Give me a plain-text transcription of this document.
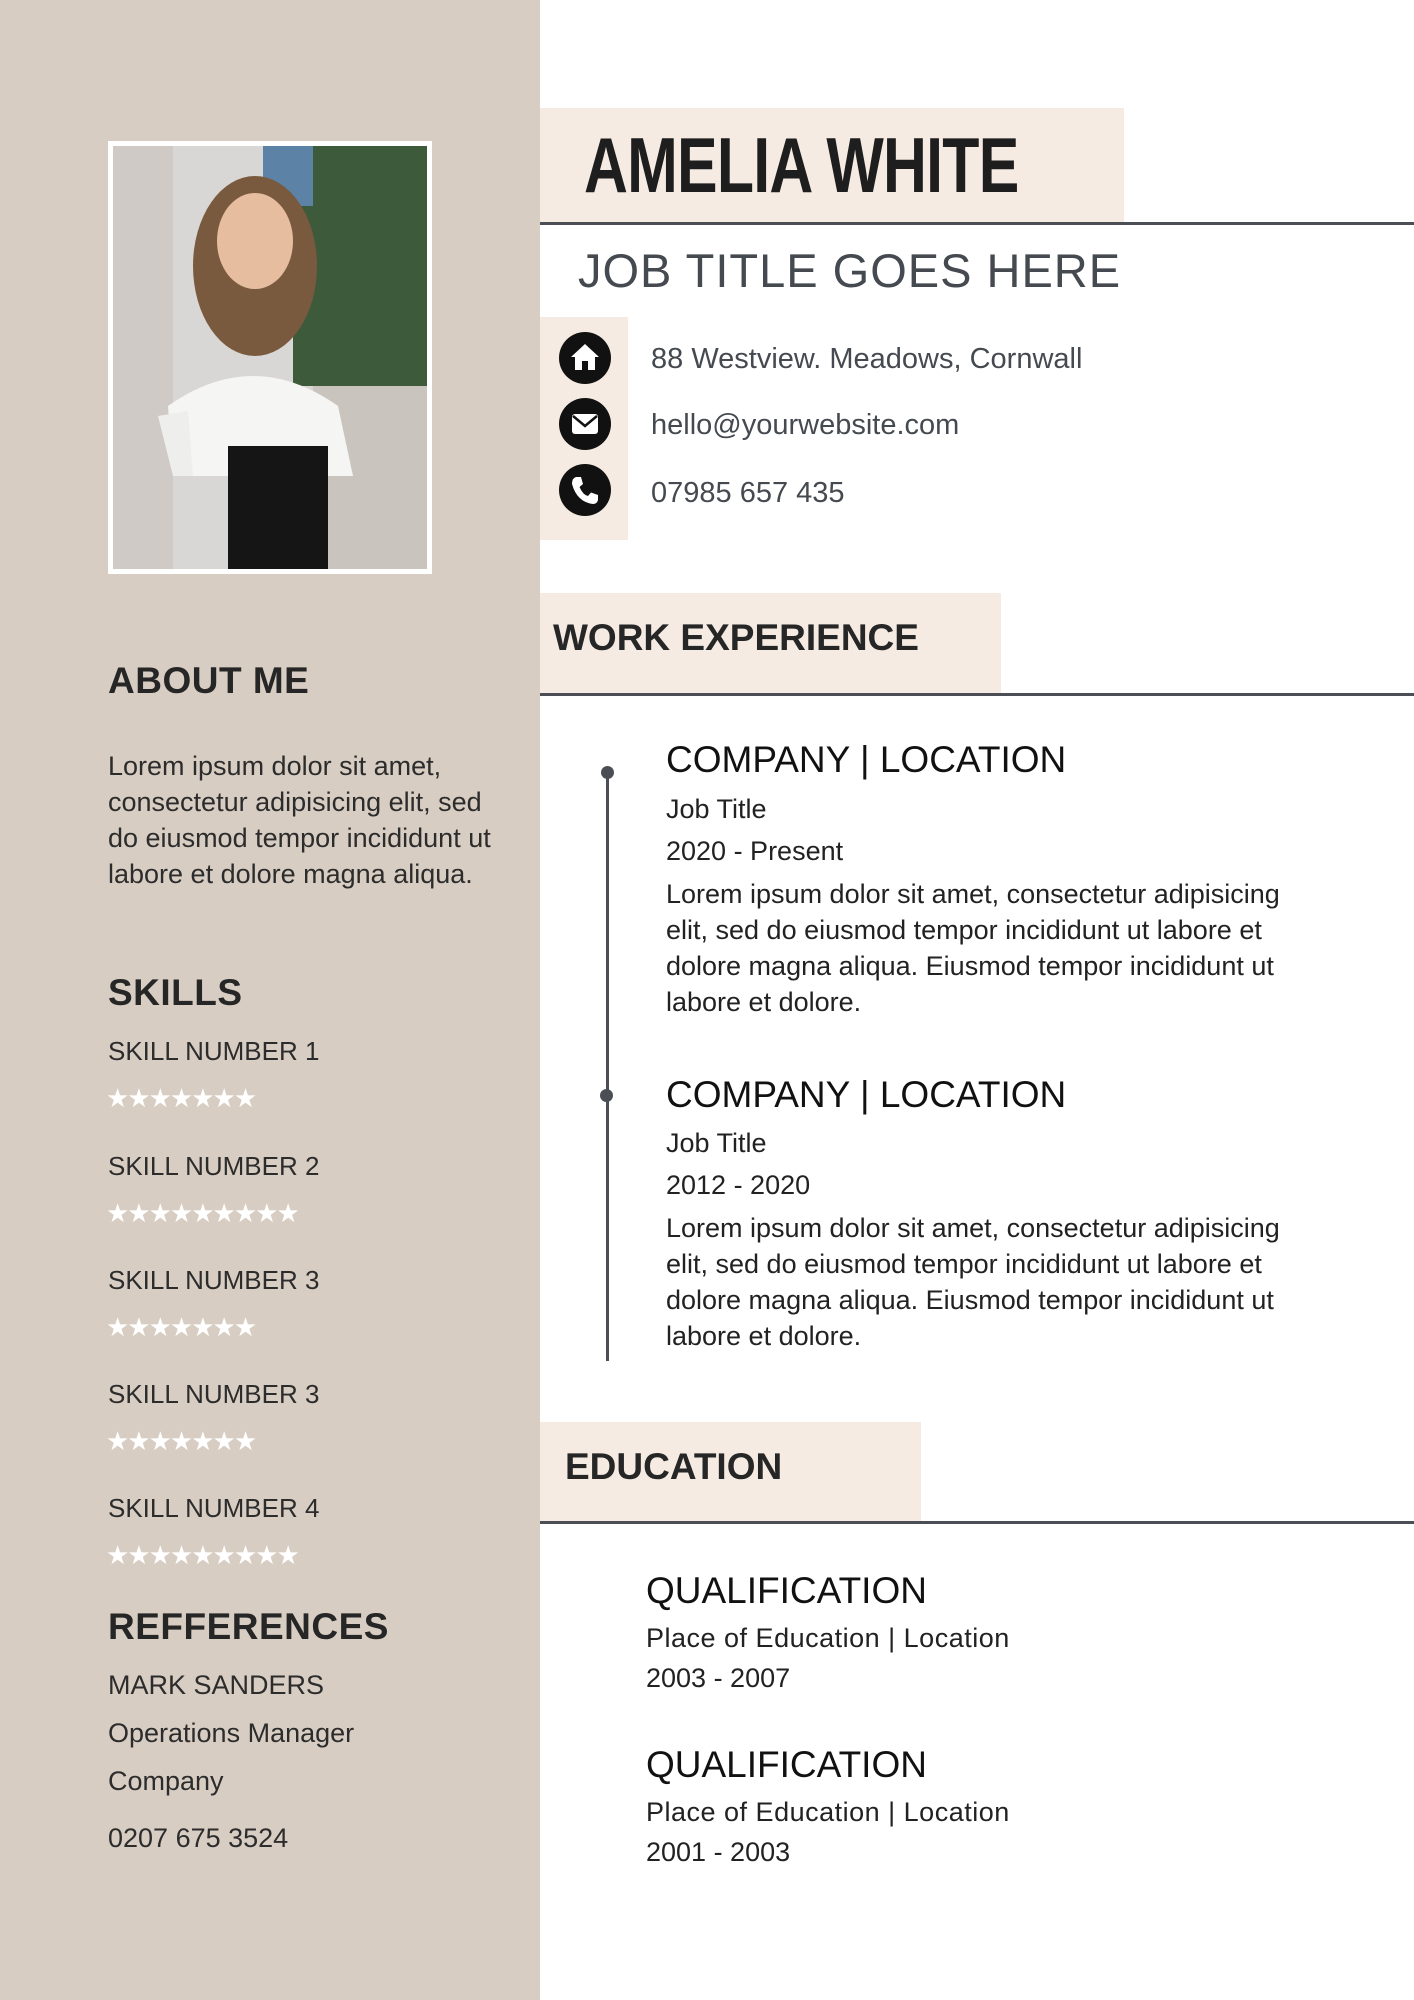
ABOUT ME
Lorem ipsum dolor sit amet, consectetur adipisicing elit, sed do eiusmod tempor incididunt ut labore et dolore magna aliqua.
SKILLS
SKILL NUMBER 1
★★★★★★★
SKILL NUMBER 2
★★★★★★★★★
SKILL NUMBER 3
★★★★★★★
SKILL NUMBER 3
★★★★★★★
SKILL NUMBER 4
★★★★★★★★★
REFFERENCES
MARK SANDERS
Operations Manager
Company
0207 675 3524
AMELIA WHITE
JOB TITLE GOES HERE
88 Westview. Meadows, Cornwall
hello@yourwebsite.com
07985 657 435
WORK EXPERIENCE
COMPANY | LOCATION
Job Title
2020 - Present
Lorem ipsum dolor sit amet, consectetur adipisicing elit, sed do eiusmod tempor incididunt ut labore et dolore magna aliqua. Eiusmod tempor incididunt ut labore et dolore.
COMPANY | LOCATION
Job Title
2012 - 2020
Lorem ipsum dolor sit amet, consectetur adipisicing elit, sed do eiusmod tempor incididunt ut labore et dolore magna aliqua. Eiusmod tempor incididunt ut labore et dolore.
EDUCATION
QUALIFICATION
Place of Education | Location
2003 - 2007
QUALIFICATION
Place of Education | Location
2001 - 2003
